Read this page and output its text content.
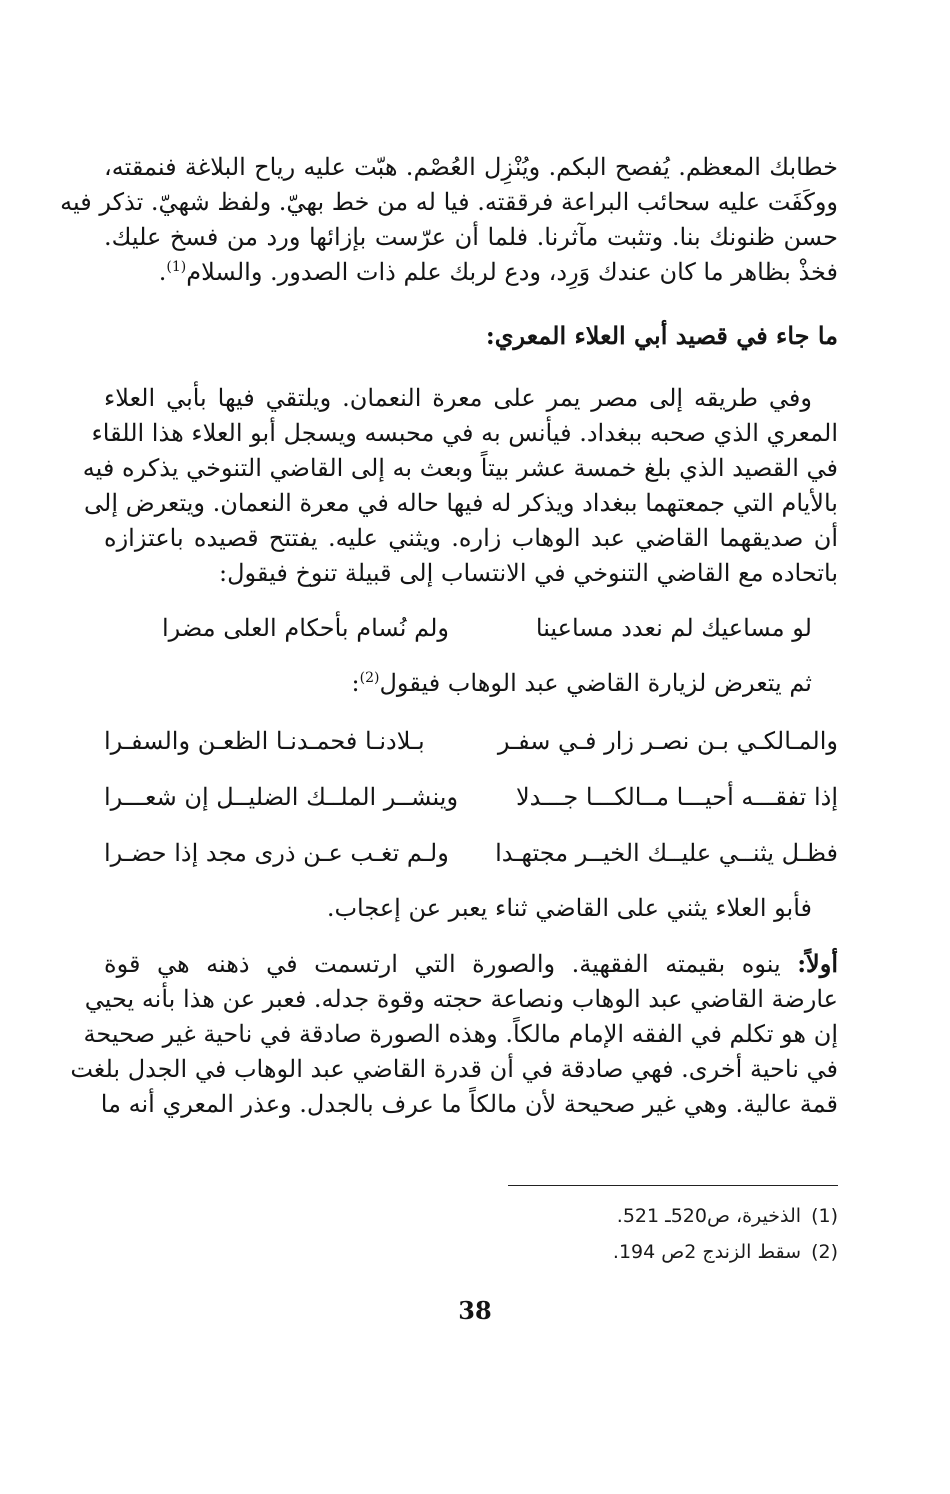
خطابك المعظم. يُفصح البكم. ويُنْزِل العُصْم. هبّت عليه رياح البلاغة فنمقته،
ووكَفَت عليه سحائب البراعة فرققته. فيا له من خط بهيّ. ولفظ شهيّ. تذكر فيه
حسن ظنونك بنا. وتثبت مآثرنا. فلما أن عرّست بإزائها ورد من فسخ عليك.
فخذْ بظاهر ما كان عندك وَرِد، ودع لربك علم ذات الصدور. والسلام$^{(1)}$.

ما جاء في قصيد أبي العلاء المعري:

وفي طريقه إلى مصر يمر على معرة النعمان. ويلتقي فيها بأبي العلاء
المعري الذي صحبه ببغداد. فيأنس به في محبسه ويسجل أبو العلاء هذا اللقاء
في القصيد الذي بلغ خمسة عشر بيتاً وبعث به إلى القاضي التنوخي يذكره فيه
بالأيام التي جمعتهما ببغداد ويذكر له فيها حاله في معرة النعمان. ويتعرض إلى
أن صديقهما القاضي عبد الوهاب زاره. ويثني عليه. يفتتح قصيده باعتزازه
باتحاده مع القاضي التنوخي في الانتساب إلى قبيلة تنوخ فيقول:

لو مساعيك لم نعدد مساعينا
ولم نُسام بأحكام العلى مضرا
ثم يتعرض لزيارة القاضي عبد الوهاب فيقول$^{(2)}$:
والمـالكـي بـن نصـر زار فـي سفـر
بـلادنـا فحمـدنـا الظعـن والسفـرا
إذا تفقـــه أحيـــا مــالكـــا جـــدلا
وينشــر الملــك الضليــل إن شعـــرا
فظـل يثنــي عليــك الخيــر مجتهـدا
ولـم تغـب عـن ذرى مجد إذا حضـرا
فأبو العلاء يثني على القاضي ثناء يعبر عن إعجاب.

أولاً: ينوه بقيمته الفقهية. والصورة التي ارتسمت في ذهنه هي قوة
عارضة القاضي عبد الوهاب ونصاعة حجته وقوة جدله. فعبر عن هذا بأنه يحيي
إن هو تكلم في الفقه الإمام مالكاً. وهذه الصورة صادقة في ناحية غير صحيحة
في ناحية أخرى. فهي صادقة في أن قدرة القاضي عبد الوهاب في الجدل بلغت
قمة عالية. وهي غير صحيحة لأن مالكاً ما عرف بالجدل. وعذر المعري أنه ما

(1)الذخيرة، ص520ـ 521.
(2)سقط الزندج 2ص 194.
38
